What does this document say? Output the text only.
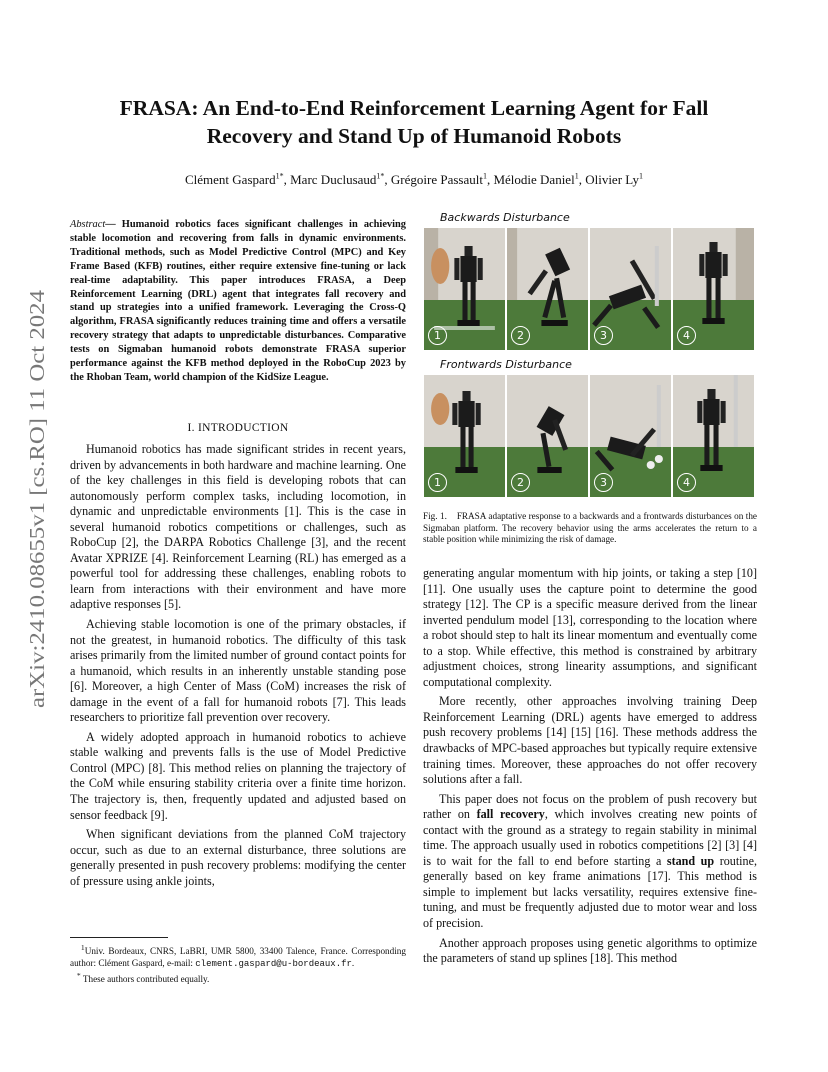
arXiv:2410.08655v1 [cs.RO] 11 Oct 2024
FRASA: An End-to-End Reinforcement Learning Agent for Fall
Recovery and Stand Up of Humanoid Robots
Clément Gaspard$^{1*}$, Marc Duclusaud$^{1*}$, Grégoire Passault$^1$, Mélodie Daniel$^1$, Olivier Ly$^1$
Abstract— Humanoid robotics faces significant challenges in achieving stable locomotion and recovering from falls in dynamic environments. Traditional methods, such as Model Predictive Control (MPC) and Key Frame Based (KFB) routines, either require extensive fine-tuning or lack real-time adaptability. This paper introduces FRASA, a Deep Reinforcement Learning (DRL) agent that integrates fall recovery and stand up strategies into a unified framework. Leveraging the Cross-Q algorithm, FRASA significantly reduces training time and offers a versatile recovery strategy that adapts to unpredictable disturbances. Comparative tests on Sigmaban humanoid robots demonstrate FRASA superior performance against the KFB method deployed in the RoboCup 2023 by the Rhoban Team, world champion of the KidSize League.
I. INTRODUCTION

Humanoid robotics has made significant strides in recent years, driven by advancements in both hardware and machine learning. One of the key challenges in this field is developing robots that can autonomously perform complex tasks, including locomotion, in dynamic and unpredictable environments [1]. This is the case in several humanoid robotics competitions or challenges, such as RoboCup [2], the DARPA Robotics Challenge [3], and the recent Avatar XPRIZE [4]. Reinforcement Learning (RL) has emerged as a powerful tool for addressing these challenges, enabling robots to learn from interactions with their environment and have more adaptive responses [5].

Achieving stable locomotion is one of the primary obstacles, if not the greatest, in humanoid robotics. The difficulty of this task arises primarily from the limited number of ground contact points for a humanoid, which results in an inherently unstable standing pose [6]. Moreover, a high Center of Mass (CoM) increases the risk of damage in the event of a fall for humanoid robots [7]. This leads researchers to prioritize fall prevention over recovery.

A widely adopted approach in humanoid robotics to achieve stable walking and prevents falls is the use of Model Predictive Control (MPC) [8]. This method relies on planning the trajectory of the CoM while ensuring stability criteria over a finite time horizon. The trajectory is, then, frequently updated and adjusted based on sensor feedback [9].

When significant deviations from the planned CoM trajectory occur, such as due to an external disturbance, three solutions are generally presented in push recovery problems: modifying the center of pressure using ankle joints,

$^1$Univ. Bordeaux, CNRS, LaBRI, UMR 5800, 33400 Talence, France. Corresponding author: Clément Gaspard, e-mail: clement.gaspard@u-bordeaux.fr.

* These authors contributed equally.

Backwards Disturbance
Frontwards Disturbance
1	2	3	4
1	2	3	4

Fig. 1. FRASA adaptative response to a backwards and a frontwards disturbances on the Sigmaban platform. The recovery behavior using the arms accelerates the return to a stable position while minimizing the risk of damage.

generating angular momentum with hip joints, or taking a step [10] [11]. One usually uses the capture point to determine the good strategy [12]. The CP is a specific measure derived from the linear inverted pendulum model [13], corresponding to the location where a robot should step to halt its linear momentum and eventually come to a stop. While effective, this method is constrained by arbitrary adjustment choices, strong linearity assumptions, and significant computational complexity.

More recently, other approaches involving training Deep Reinforcement Learning (DRL) agents have emerged to address push recovery problems [14] [15] [16]. These methods address the drawbacks of MPC-based approaches but typically require extensive training times. Moreover, these approaches do not offer recovery solutions after a fall.

This paper does not focus on the problem of push recovery but rather on fall recovery, which involves creating new points of contact with the ground as a strategy to regain stability in minimal time. The approach usually used in robotics competitions [2] [3] [4] is to wait for the fall to end before starting a stand up routine, generally based on key frame animations [17]. This method is simple to implement but lacks versatility, requires extensive fine-tuning, and must be frequently adjusted due to motor wear and loss of precision.

Another approach proposes using genetic algorithms to optimize the parameters of stand up splines [18]. This method
